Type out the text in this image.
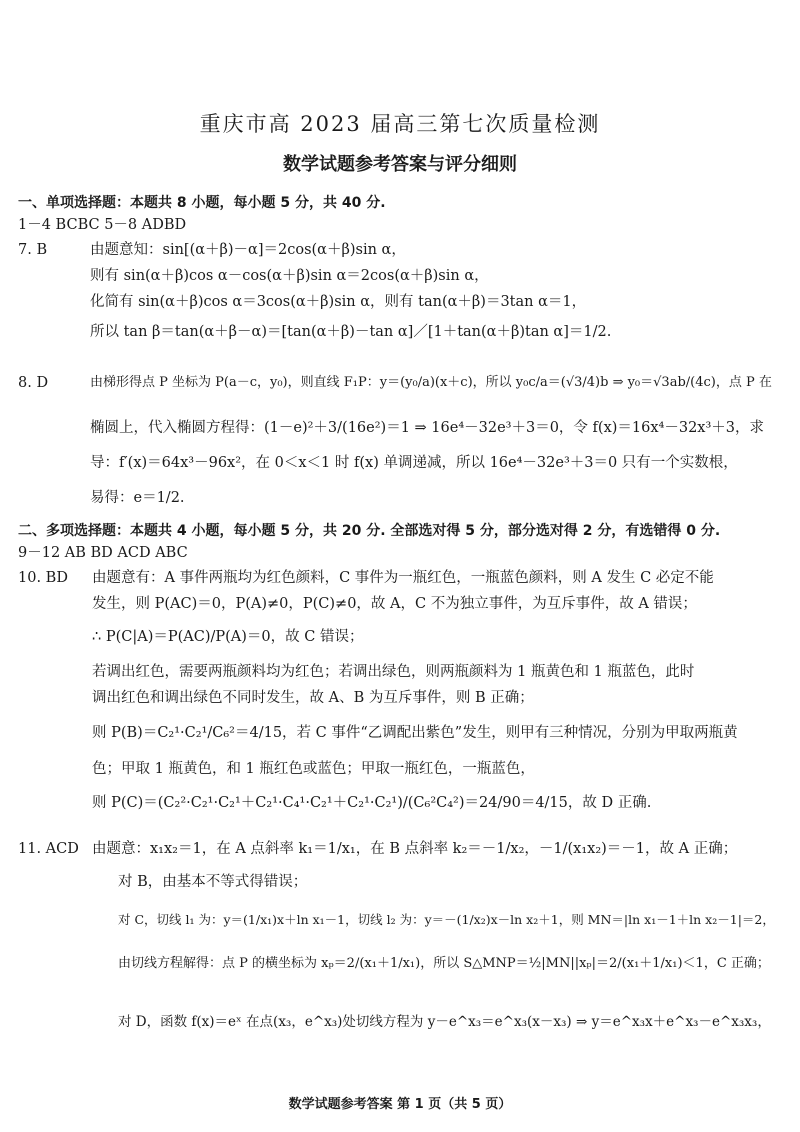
重庆市高 2023 届高三第七次质量检测
数学试题参考答案与评分细则
一、单项选择题：本题共 8 小题，每小题 5 分，共 40 分.
1－4 BCBC 5－8 ADBD
7. B	由题意知：sin[(α＋β)－α]＝2cos(α＋β)sin α，
则有 sin(α＋β)cos α－cos(α＋β)sin α＝2cos(α＋β)sin α，
化简有 sin(α＋β)cos α＝3cos(α＋β)sin α，则有 tan(α＋β)＝3tan α＝1，
所以 tan β＝tan(α＋β－α)＝[tan(α＋β)－tan α]／[1＋tan(α＋β)tan α]＝1/2.
8. D	由梯形得点 P 坐标为 P(a－c，y₀)，则直线 F₁P：y＝(y₀/a)(x＋c)，所以 y₀c/a＝(√3/4)b ⇒ y₀＝√3ab/(4c)，点 P 在
椭圆上，代入椭圆方程得：(1－e)²＋3/(16e²)＝1 ⇒ 16e⁴－32e³＋3＝0，令 f(x)＝16x⁴－32x³＋3，求
导：f′(x)＝64x³－96x²，在 0＜x＜1 时 f(x) 单调递减，所以 16e⁴－32e³＋3＝0 只有一个实数根，
易得：e＝1/2.
二、多项选择题：本题共 4 小题，每小题 5 分，共 20 分. 全部选对得 5 分，部分选对得 2 分，有选错得 0 分.
9－12 AB BD ACD ABC
10. BD 由题意有：A 事件两瓶均为红色颜料，C 事件为一瓶红色，一瓶蓝色颜料，则 A 发生 C 必定不能
发生，则 P(AC)＝0，P(A)≠0，P(C)≠0，故 A，C 不为独立事件，为互斥事件，故 A 错误；
∴ P(C|A)＝P(AC)/P(A)＝0，故 C 错误；
若调出红色，需要两瓶颜料均为红色；若调出绿色，则两瓶颜料为 1 瓶黄色和 1 瓶蓝色，此时
调出红色和调出绿色不同时发生，故 A、B 为互斥事件，则 B 正确；
则 P(B)＝C₂¹·C₂¹/C₆²＝4/15，若 C 事件“乙调配出紫色”发生，则甲有三种情况，分别为甲取两瓶黄
色；甲取 1 瓶黄色，和 1 瓶红色或蓝色；甲取一瓶红色，一瓶蓝色，
则 P(C)＝(C₂²·C₂¹·C₂¹＋C₂¹·C₄¹·C₂¹＋C₂¹·C₂¹)/(C₆²C₄²)＝24/90＝4/15，故 D 正确.
11. ACD 由题意：x₁x₂＝1，在 A 点斜率 k₁＝1/x₁，在 B 点斜率 k₂＝－1/x₂，－1/(x₁x₂)＝－1，故 A 正确；
对 B，由基本不等式得错误；
对 C，切线 l₁ 为：y＝(1/x₁)x＋ln x₁－1，切线 l₂ 为：y＝－(1/x₂)x－ln x₂＋1，则 MN＝|ln x₁－1＋ln x₂－1|＝2，
由切线方程解得：点 P 的横坐标为 xₚ＝2/(x₁＋1/x₁)，所以 S△MNP＝½|MN||xₚ|＝2/(x₁＋1/x₁)＜1，C 正确；
对 D，函数 f(x)＝eˣ 在点(x₃，e^x₃)处切线方程为 y－e^x₃＝e^x₃(x－x₃) ⇒ y＝e^x₃x＋e^x₃－e^x₃x₃，
数学试题参考答案 第 1 页（共 5 页）
